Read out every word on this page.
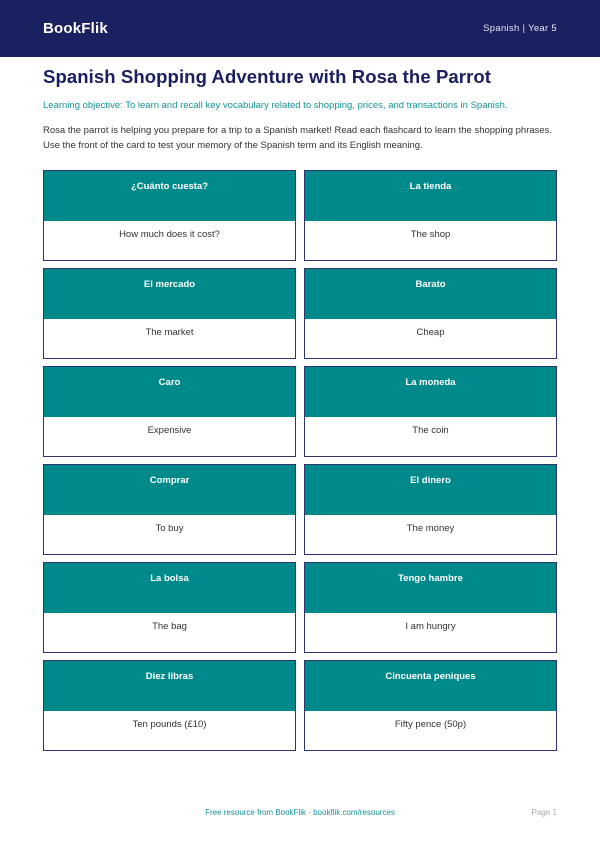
BookFlik	Spanish | Year 5
Spanish Shopping Adventure with Rosa the Parrot

Learning objective: To learn and recall key vocabulary related to shopping, prices, and transactions in Spanish.

Rosa the parrot is helping you prepare for a trip to a Spanish market! Read each flashcard to learn the shopping phrases. Use the front of the card to test your memory of the Spanish term and its English meaning.

¿Cuánto cuesta?
How much does it cost?
La tienda
The shop
El mercado
The market
Barato
Cheap
Caro
Expensive
La moneda
The coin
Comprar
To buy
El dinero
The money
La bolsa
The bag
Tengo hambre
I am hungry
Diez libras
Ten pounds (£10)
Cincuenta peniques
Fifty pence (50p)
Free resource from BookFlik · bookflik.com/resources	Page 1
